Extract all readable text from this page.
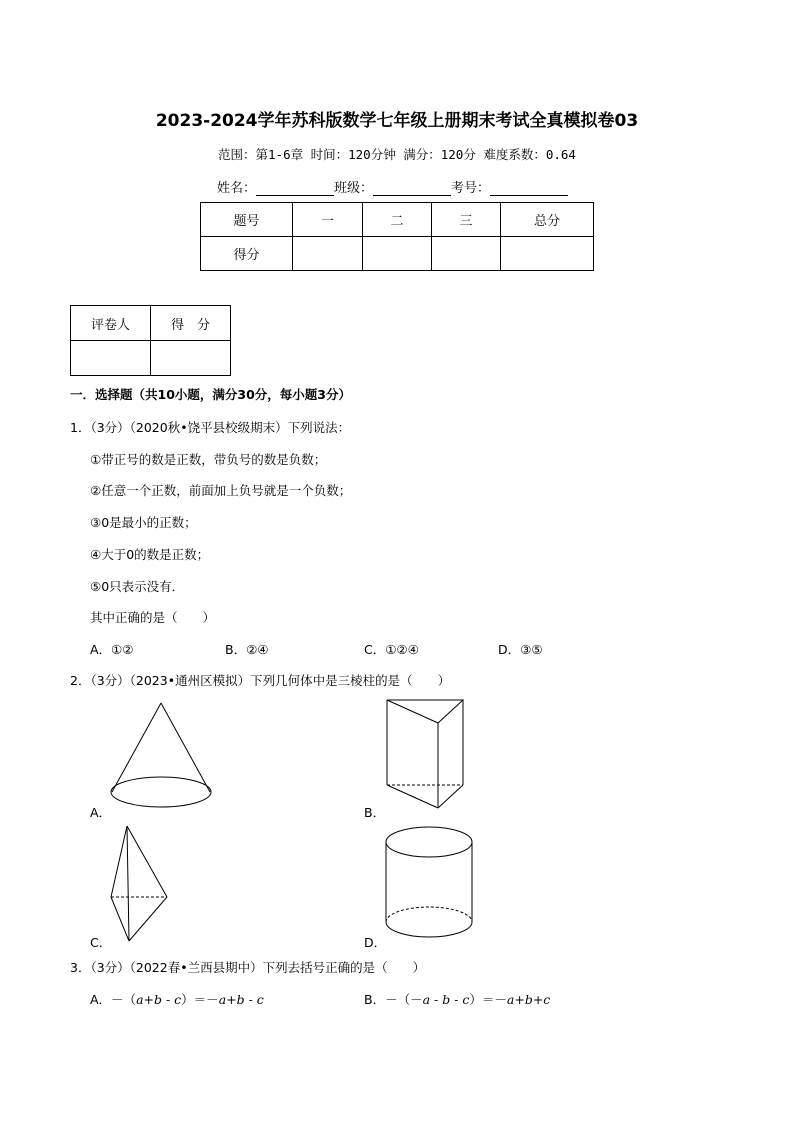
2023-2024学年苏科版数学七年级上册期末考试全真模拟卷03
范围：第1-6章 时间：120分钟 满分：120分 难度系数：0.64
姓名：	班级：	考号：
题号	一	二	三	总分
得分				
评卷人	得　分

一．选择题（共10小题，满分30分，每小题3分）
1．（3分）（2020秋•饶平县校级期末）下列说法：
①带正号的数是正数，带负号的数是负数；
②任意一个正数，前面加上负号就是一个负数；
③0是最小的正数；
④大于0的数是正数；
⑤0只表示没有．
其中正确的是（　　）
A．①②	B．②④	C．①②④	D．③⑤
2．（3分）（2023•通州区模拟）下列几何体中是三棱柱的是（　　）
A．	B．
C．	D．
3．（3分）（2022春•兰西县期中）下列去括号正确的是（　　）
A．－（a+b - c）＝－a+b - c	B．－（－a - b - c）＝－a+b+c
